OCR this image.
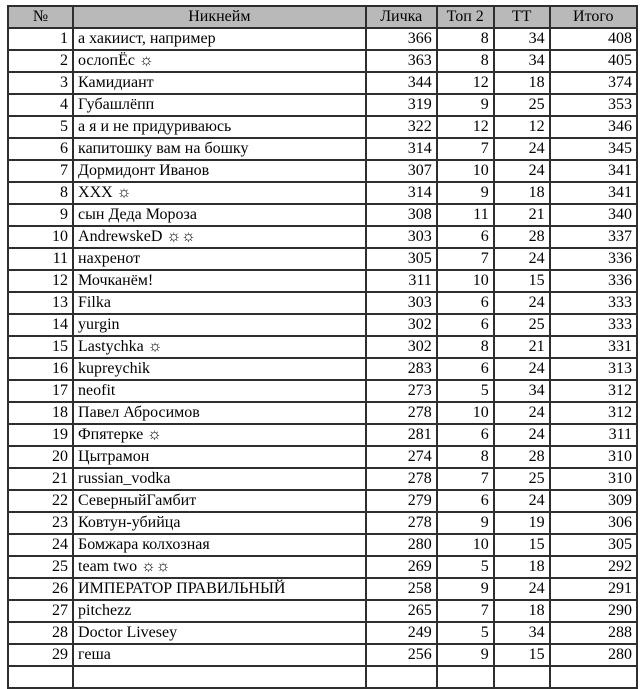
№	Никнейм	Личка	Топ 2	ТТ	Итого
1	а хакиист, например	366	8	34	408
2	ослопЁс ☼	363	8	34	405
3	Камидиант	344	12	18	374
4	Губашлёпп	319	9	25	353
5	а я и не придуриваюсь	322	12	12	346
6	капитошку вам на бошку	314	7	24	345
7	Дормидонт Иванов	307	10	24	341
8	XXX ☼	314	9	18	341
9	сын Деда Мороза	308	11	21	340
10	AndrewskeD ☼☼	303	6	28	337
11	нахренот	305	7	24	336
12	Мочканём!	311	10	15	336
13	Filka	303	6	24	333
14	yurgin	302	6	25	333
15	Lastychka ☼	302	8	21	331
16	kupreychik	283	6	24	313
17	neofit	273	5	34	312
18	Павел Абросимов	278	10	24	312
19	Фпятерке ☼	281	6	24	311
20	Цытрамон	274	8	28	310
21	russian_vodka	278	7	25	310
22	СеверныйГамбит	279	6	24	309
23	Ковтун-убийца	278	9	19	306
24	Бомжара колхозная	280	10	15	305
25	team two ☼☼	269	5	18	292
26	ИМПЕРАТОР ПРАВИЛЬНЫЙ	258	9	24	291
27	pitchezz	265	7	18	290
28	Doctor Livesey	249	5	34	288
29	геша	256	9	15	280
